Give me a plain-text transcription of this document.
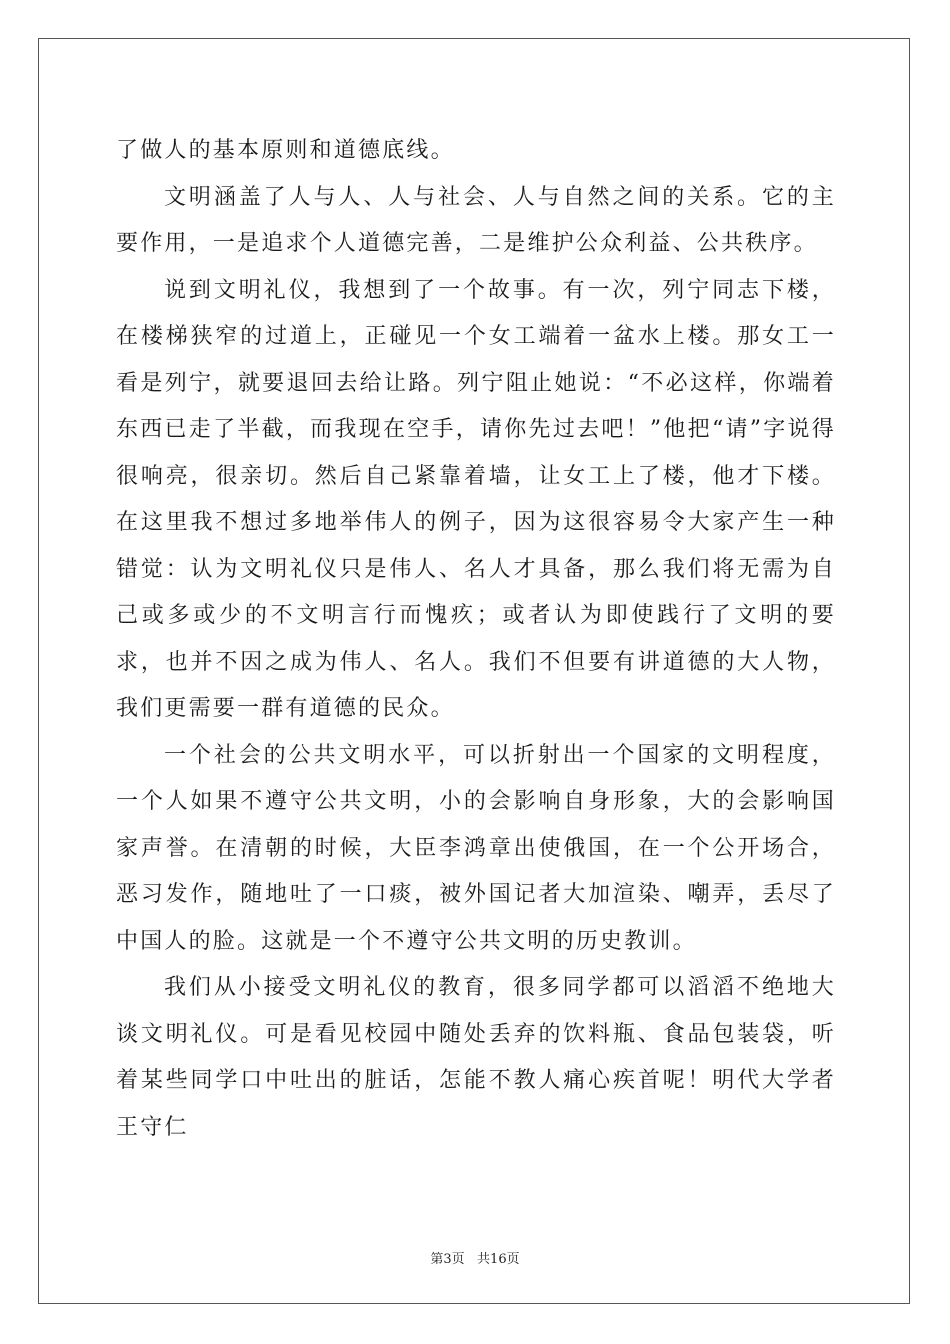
了做人的基本原则和道德底线。

文明涵盖了人与人、人与社会、人与自然之间的关系。它的主要作用，一是追求个人道德完善，二是维护公众利益、公共秩序。

说到文明礼仪，我想到了一个故事。有一次，列宁同志下楼，在楼梯狭窄的过道上，正碰见一个女工端着一盆水上楼。那女工一看是列宁，就要退回去给让路。列宁阻止她说：“不必这样，你端着东西已走了半截，而我现在空手，请你先过去吧！”他把“请”字说得很响亮，很亲切。然后自己紧靠着墙，让女工上了楼，他才下楼。在这里我不想过多地举伟人的例子，因为这很容易令大家产生一种错觉：认为文明礼仪只是伟人、名人才具备，那么我们将无需为自己或多或少的不文明言行而愧疚；或者认为即使践行了文明的要求，也并不因之成为伟人、名人。我们不但要有讲道德的大人物，我们更需要一群有道德的民众。

一个社会的公共文明水平，可以折射出一个国家的文明程度，一个人如果不遵守公共文明，小的会影响自身形象，大的会影响国家声誉。在清朝的时候，大臣李鸿章出使俄国，在一个公开场合，恶习发作，随地吐了一口痰，被外国记者大加渲染、嘲弄，丢尽了中国人的脸。这就是一个不遵守公共文明的历史教训。

我们从小接受文明礼仪的教育，很多同学都可以滔滔不绝地大谈文明礼仪。可是看见校园中随处丢弃的饮料瓶、食品包装袋，听着某些同学口中吐出的脏话，怎能不教人痛心疾首呢！明代大学者王守仁

第3页   共16页
